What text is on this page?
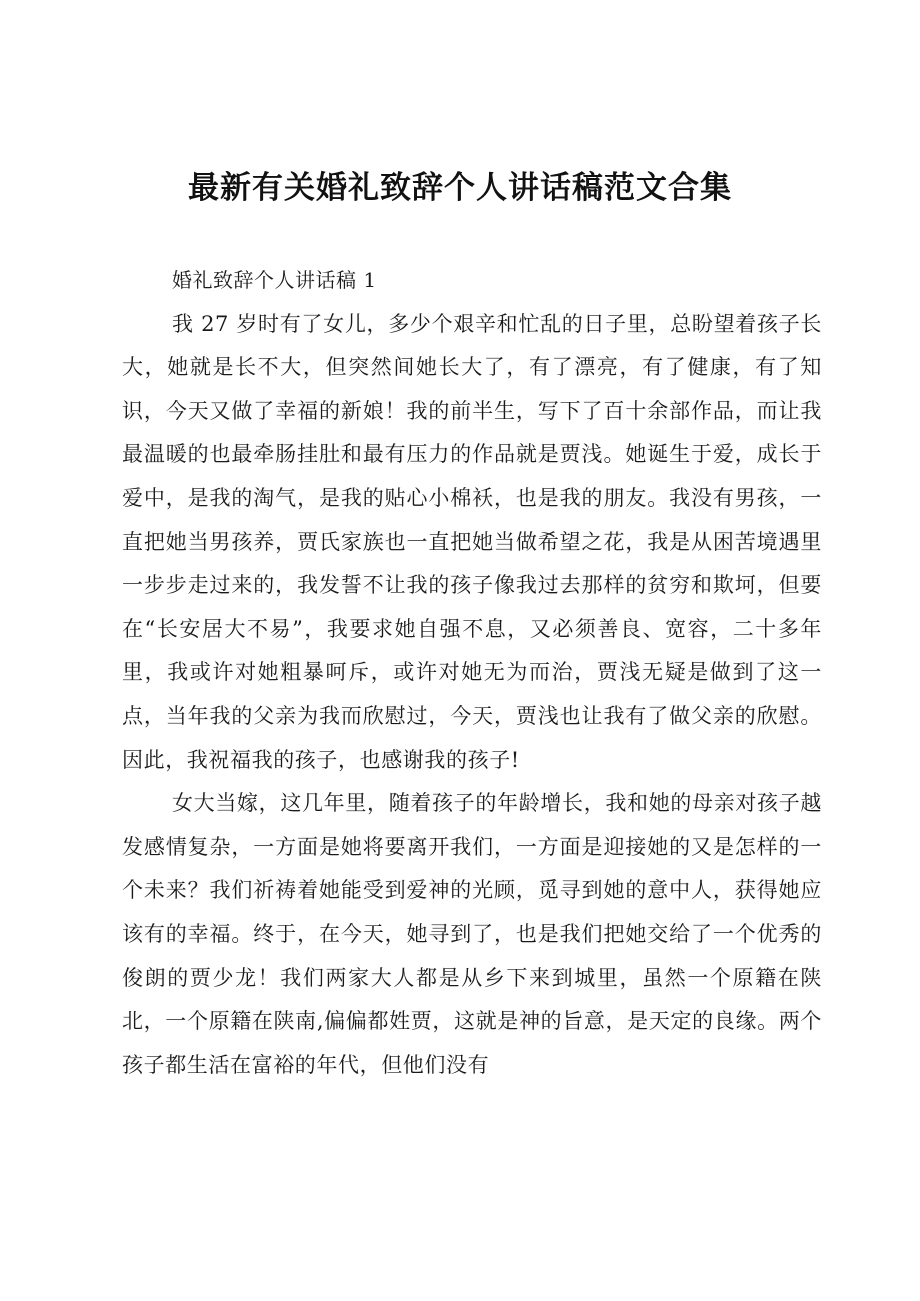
最新有关婚礼致辞个人讲话稿范文合集

婚礼致辞个人讲话稿 1

我 27 岁时有了女儿，多少个艰辛和忙乱的日子里，总盼望着孩子长大，她就是长不大，但突然间她长大了，有了漂亮，有了健康，有了知识，今天又做了幸福的新娘！我的前半生，写下了百十余部作品，而让我最温暖的也最牵肠挂肚和最有压力的作品就是贾浅。她诞生于爱，成长于爱中，是我的淘气，是我的贴心小棉袄，也是我的朋友。我没有男孩，一直把她当男孩养，贾氏家族也一直把她当做希望之花，我是从困苦境遇里一步步走过来的，我发誓不让我的孩子像我过去那样的贫穷和欺坷，但要在“长安居大不易”，我要求她自强不息，又必须善良、宽容，二十多年里，我或许对她粗暴呵斥，或许对她无为而治，贾浅无疑是做到了这一点，当年我的父亲为我而欣慰过，今天，贾浅也让我有了做父亲的欣慰。因此，我祝福我的孩子，也感谢我的孩子!

女大当嫁，这几年里，随着孩子的年龄增长，我和她的母亲对孩子越发感情复杂，一方面是她将要离开我们，一方面是迎接她的又是怎样的一个未来？我们祈祷着她能受到爱神的光顾，觅寻到她的意中人，获得她应该有的幸福。终于，在今天，她寻到了，也是我们把她交给了一个优秀的俊朗的贾少龙！我们两家大人都是从乡下来到城里，虽然一个原籍在陕北，一个原籍在陕南,偏偏都姓贾，这就是神的旨意，是天定的良缘。两个孩子都生活在富裕的年代，但他们没有
